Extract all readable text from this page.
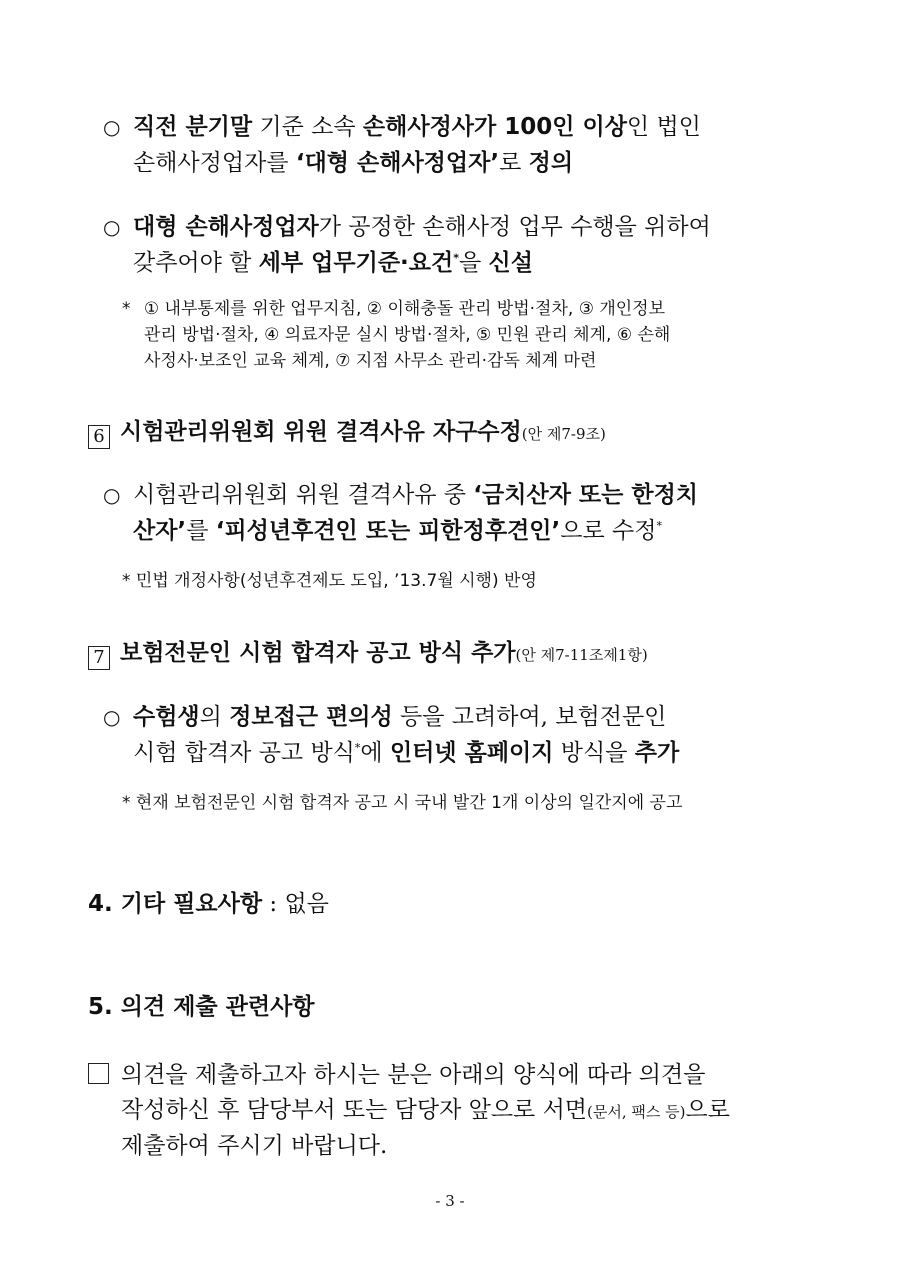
○ 직전 분기말 기준 소속 손해사정사가 100인 이상인 법인
손해사정업자를 ‘대형 손해사정업자’로 정의
○ 대형 손해사정업자가 공정한 손해사정 업무 수행을 위하여
갖추어야 할 세부 업무기준·요건*을 신설
* ① 내부통제를 위한 업무지침, ② 이해충돌 관리 방법·절차, ③ 개인정보
관리 방법·절차, ④ 의료자문 실시 방법·절차, ⑤ 민원 관리 체계, ⑥ 손해
사정사·보조인 교육 체계, ⑦ 지점 사무소 관리·감독 체계 마련
6 시험관리위원회 위원 결격사유 자구수정(안 제7-9조)
○ 시험관리위원회 위원 결격사유 중 ‘금치산자 또는 한정치
산자’를 ‘피성년후견인 또는 피한정후견인’으로 수정*
* 민법 개정사항(성년후견제도 도입, ’13.7월 시행) 반영
7 보험전문인 시험 합격자 공고 방식 추가(안 제7-11조제1항)
○ 수험생의 정보접근 편의성 등을 고려하여, 보험전문인
시험 합격자 공고 방식*에 인터넷 홈페이지 방식을 추가
* 현재 보험전문인 시험 합격자 공고 시 국내 발간 1개 이상의 일간지에 공고
4. 기타 필요사항 : 없음
5. 의견 제출 관련사항
의견을 제출하고자 하시는 분은 아래의 양식에 따라 의견을
작성하신 후 담당부서 또는 담당자 앞으로 서면(문서, 팩스 등)으로
제출하여 주시기 바랍니다.
- 3 -
